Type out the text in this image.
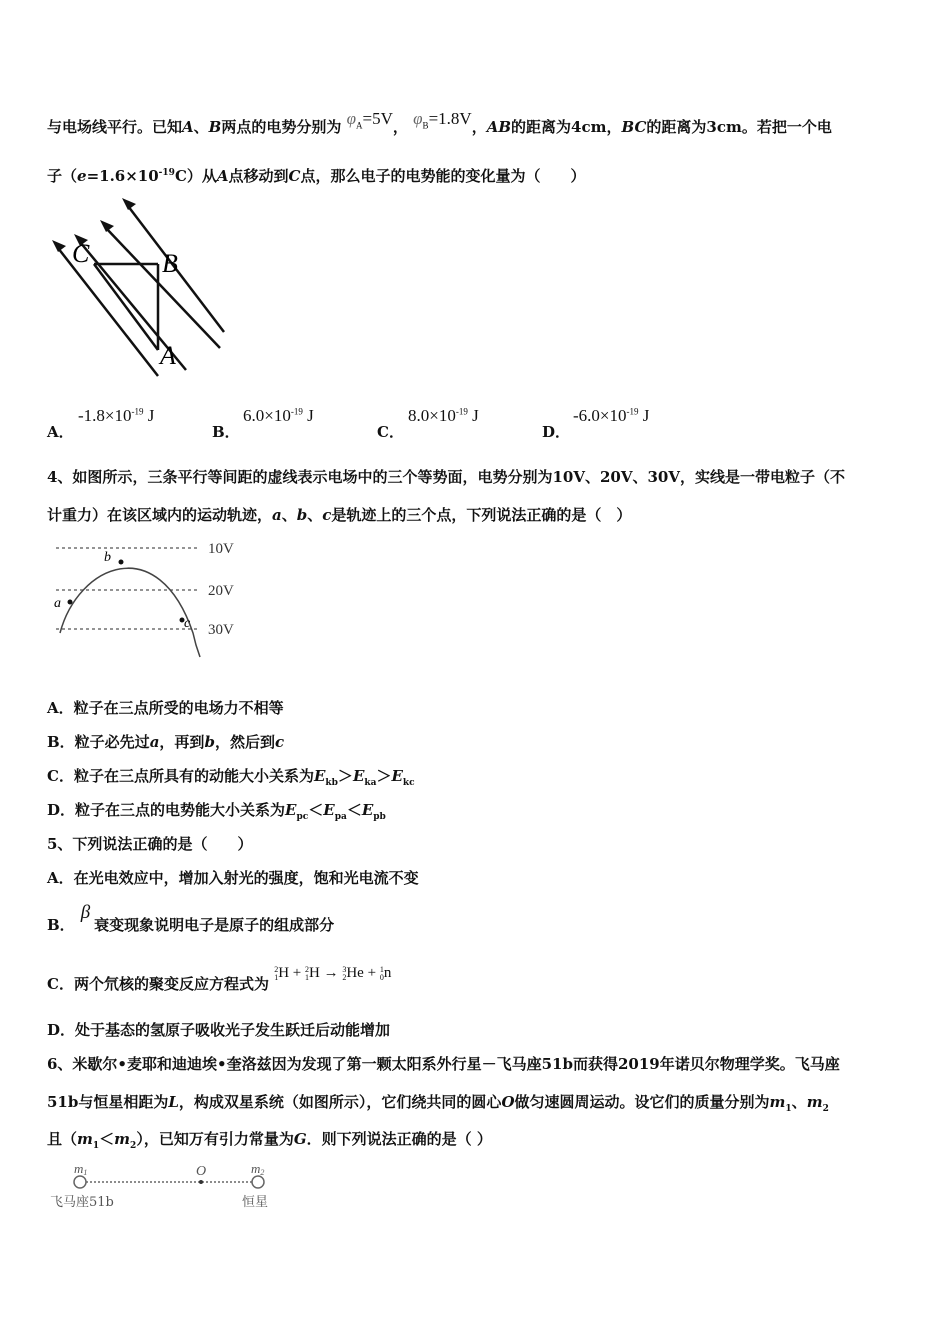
与电场线平行。已知A、B两点的电势分别为 $\varphi_A=5V$， $\varphi_B=1.8V$，AB的距离为4cm，BC的距离为3cm。若把一个电
子$(e=1.6\times 10^{-19}C)$从A点移动到C点，那么电子的电势能的变化量为（　　）
C	B
A
A．
$-1.8\times 10^{-19}$ J
B．
$6.0\times 10^{-19}$ J
C．
$8.0\times 10^{-19}$ J
D．
$-6.0\times 10^{-19}$ J
4、如图所示，三条平行等间距的虚线表示电场中的三个等势面，电势分别为10V、20V、30V，实线是一带电粒子（不
计重力）在该区域内的运动轨迹，a、b、c是轨迹上的三个点，下列说法正确的是（　）
a
b
c
10V
20V
30V
A．粒子在三点所受的电场力不相等
B．粒子必先过a，再到b，然后到c
C．粒子在三点所具有的动能大小关系为$E_{kb}>E_{ka}>E_{kc}$
D．粒子在三点的电势能大小关系为$E_{pc}<E_{pa}<E_{pb}$
5、下列说法正确的是（　　）
A．在光电效应中，增加入射光的强度，饱和光电流不变
B．β衰变现象说明电子是原子的组成部分
C．两个氘核的聚变反应方程式为 2
1H + 2
1H → 3
2He + 1
0n
D．处于基态的氢原子吸收光子发生跃迁后动能增加
6、米歇尔•麦耶和迪迪埃•奎洛兹因为发现了第一颗太阳系外行星－飞马座51b而获得2019年诺贝尔物理学奖。飞马座
51b与恒星相距为L，构成双星系统（如图所示），它们绕共同的圆心O做匀速圆周运动。设它们的质量分别为$m_1$、$m_2$
且$(m_1<m_2)$，已知万有引力常量为G．则下列说法正确的是（ ）
m1	O	m2
飞马座51b	恒星
